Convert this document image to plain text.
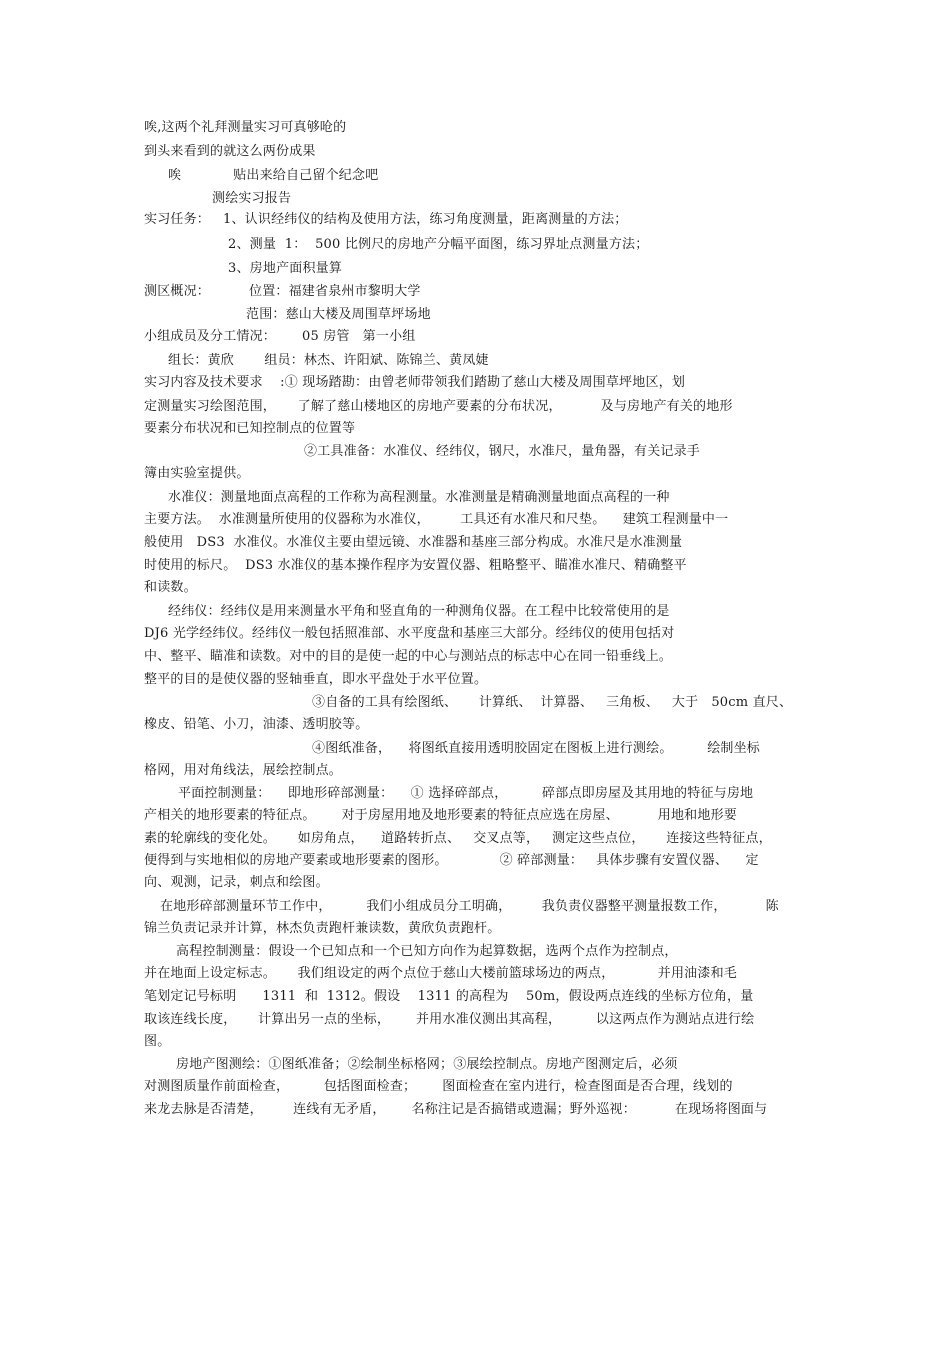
唉,这两个礼拜测量实习可真够呛的
到头来看到的就这么两份成果
唉            贴出来给自己留个纪念吧
测绘实习报告
实习任务：   1、认识经纬仪的结构及使用方法，练习角度测量，距离测量的方法；
2、测量  1：  500 比例尺的房地产分幅平面图，练习界址点测量方法；
3、房地产面积量算
测区概况：         位置：福建省泉州市黎明大学
范围：慈山大楼及周围草坪场地
小组成员及分工情况：      05 房管   第一小组
组长：黄欣       组员：林杰、许阳斌、陈锦兰、黄凤婕
实习内容及技术要求    :① 现场踏勘：由曾老师带领我们踏勘了慈山大楼及周围草坪地区，划
定测量实习绘图范围，     了解了慈山楼地区的房地产要素的分布状况，         及与房地产有关的地形
要素分布状况和已知控制点的位置等
②工具准备：水准仪、经纬仪，钢尺，水准尺，量角器，有关记录手
簿由实验室提供。
水准仪：测量地面点高程的工作称为高程测量。水准测量是精确测量地面点高程的一种
主要方法。  水准测量所使用的仪器称为水准仪，       工具还有水准尺和尺垫。    建筑工程测量中一
般使用   DS3  水准仪。水准仪主要由望远镜、水准器和基座三部分构成。水准尺是水准测量
时使用的标尺。  DS3 水准仪的基本操作程序为安置仪器、粗略整平、瞄准水准尺、精确整平
和读数。
经纬仪：经纬仪是用来测量水平角和竖直角的一种测角仪器。在工程中比较常使用的是
DJ6 光学经纬仪。经纬仪一般包括照准部、水平度盘和基座三大部分。经纬仪的使用包括对
中、整平、瞄准和读数。对中的目的是使一起的中心与测站点的标志中心在同一铅垂线上。
整平的目的是使仪器的竖轴垂直，即水平盘处于水平位置。
③自备的工具有绘图纸、     计算纸、  计算器、   三角板、   大于   50cm 直尺、
橡皮、铅笔、小刀，油漆、透明胶等。
④图纸准备，    将图纸直接用透明胶固定在图板上进行测绘。        绘制坐标
格网，用对角线法，展绘控制点。
平面控制测量：    即地形碎部测量：    ① 选择碎部点，        碎部点即房屋及其用地的特征与房地
产相关的地形要素的特征点。      对于房屋用地及地形要素的特征点应选在房屋、         用地和地形要
素的轮廓线的变化处。     如房角点，    道路转折点、   交叉点等，   测定这些点位，     连接这些特征点，
便得到与实地相似的房地产要素或地形要素的图形。            ② 碎部测量：   具体步骤有安置仪器、    定
向、观测，记录，刺点和绘图。
在地形碎部测量环节工作中，        我们小组成员分工明确，       我负责仪器整平测量报数工作，         陈
锦兰负责记录并计算，林杰负责跑杆兼读数，黄欣负责跑杆。
高程控制测量：假设一个已知点和一个已知方向作为起算数据，选两个点作为控制点，
并在地面上设定标志。     我们组设定的两个点位于慈山大楼前篮球场边的两点，          并用油漆和毛
笔划定记号标明      1311  和  1312。假设    1311 的高程为    50m，假设两点连线的坐标方位角，量
取该连线长度，     计算出另一点的坐标，      并用水准仪测出其高程，        以这两点作为测站点进行绘
图。
房地产图测绘：①图纸准备；②绘制坐标格网；③展绘控制点。房地产图测定后，必须
对测图质量作前面检查，        包括图面检查；      图面检查在室内进行，检查图面是否合理，线划的
来龙去脉是否清楚，       连线有无矛盾，      名称注记是否搞错或遗漏；野外巡视：         在现场将图面与
